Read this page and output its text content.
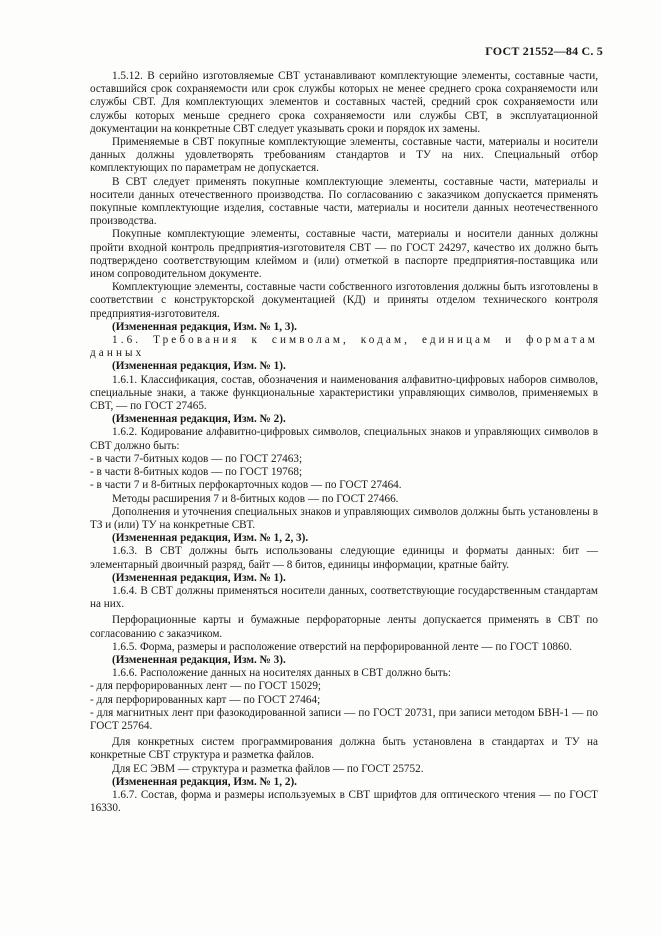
ГОСТ 21552—84 С. 5

1.5.12. В серийно изготовляемые СВТ устанавливают комплектующие элементы, составные части, оставшийся срок сохраняемости или срок службы которых не менее среднего срока сохраняемости или службы СВТ. Для комплектующих элементов и составных частей, средний срок сохраняемости или службы которых меньше среднего срока сохраняемости или службы СВТ, в эксплуатационной документации на конкретные СВТ следует указывать сроки и порядок их замены.

Применяемые в СВТ покупные комплектующие элементы, составные части, материалы и носители данных должны удовлетворять требованиям стандартов и ТУ на них. Специальный отбор комплектующих по параметрам не допускается.

В СВТ следует применять покупные комплектующие элементы, составные части, материалы и носители данных отечественного производства. По согласованию с заказчиком допускается применять покупные комплектующие изделия, составные части, материалы и носители данных неотечественного производства.

Покупные комплектующие элементы, составные части, материалы и носители данных должны пройти входной контроль предприятия-изготовителя СВТ — по ГОСТ 24297, качество их должно быть подтверждено соответствующим клеймом и (или) отметкой в паспорте предприятия-поставщика или ином сопроводительном документе.

Комплектующие элементы, составные части собственного изготовления должны быть изготовлены в соответствии с конструкторской документацией (КД) и приняты отделом технического контроля предприятия-изготовителя.

(Измененная редакция, Изм. № 1, 3).

1.6. Требования к символам, кодам, единицам и форматам данных

(Измененная редакция, Изм. № 1).

1.6.1. Классификация, состав, обозначения и наименования алфавитно-цифровых наборов символов, специальные знаки, а также функциональные характеристики управляющих символов, применяемых в СВТ, — по ГОСТ 27465.

(Измененная редакция, Изм. № 2).

1.6.2. Кодирование алфавитно-цифровых символов, специальных знаков и управляющих символов в СВТ должно быть:

- в части 7-битных кодов — по ГОСТ 27463;

- в части 8-битных кодов — по ГОСТ 19768;

- в части 7 и 8-битных перфокарточных кодов — по ГОСТ 27464.

Методы расширения 7 и 8-битных кодов — по ГОСТ 27466.

Дополнения и уточнения специальных знаков и управляющих символов должны быть установлены в ТЗ и (или) ТУ на конкретные СВТ.

(Измененная редакция, Изм. № 1, 2, 3).

1.6.3. В СВТ должны быть использованы следующие единицы и форматы данных: бит — элементарный двоичный разряд, байт — 8 битов, единицы информации, кратные байту.

(Измененная редакция, Изм. № 1).

1.6.4. В СВТ должны применяться носители данных, соответствующие государственным стандартам на них.

Перфорационные карты и бумажные перфораторные ленты допускается применять в СВТ по согласованию с заказчиком.

1.6.5. Форма, размеры и расположение отверстий на перфорированной ленте — по ГОСТ 10860.

(Измененная редакция, Изм. № 3).

1.6.6. Расположение данных на носителях данных в СВТ должно быть:

- для перфорированных лент — по ГОСТ 15029;

- для перфорированных карт — по ГОСТ 27464;

- для магнитных лент при фазокодированной записи — по ГОСТ 20731, при записи методом БВН-1 — по ГОСТ 25764.

Для конкретных систем программирования должна быть установлена в стандартах и ТУ на конкретные СВТ структура и разметка файлов.

Для ЕС ЭВМ — структура и разметка файлов — по ГОСТ 25752.

(Измененная редакция, Изм. № 1, 2).

1.6.7. Состав, форма и размеры используемых в СВТ шрифтов для оптического чтения — по ГОСТ 16330.
